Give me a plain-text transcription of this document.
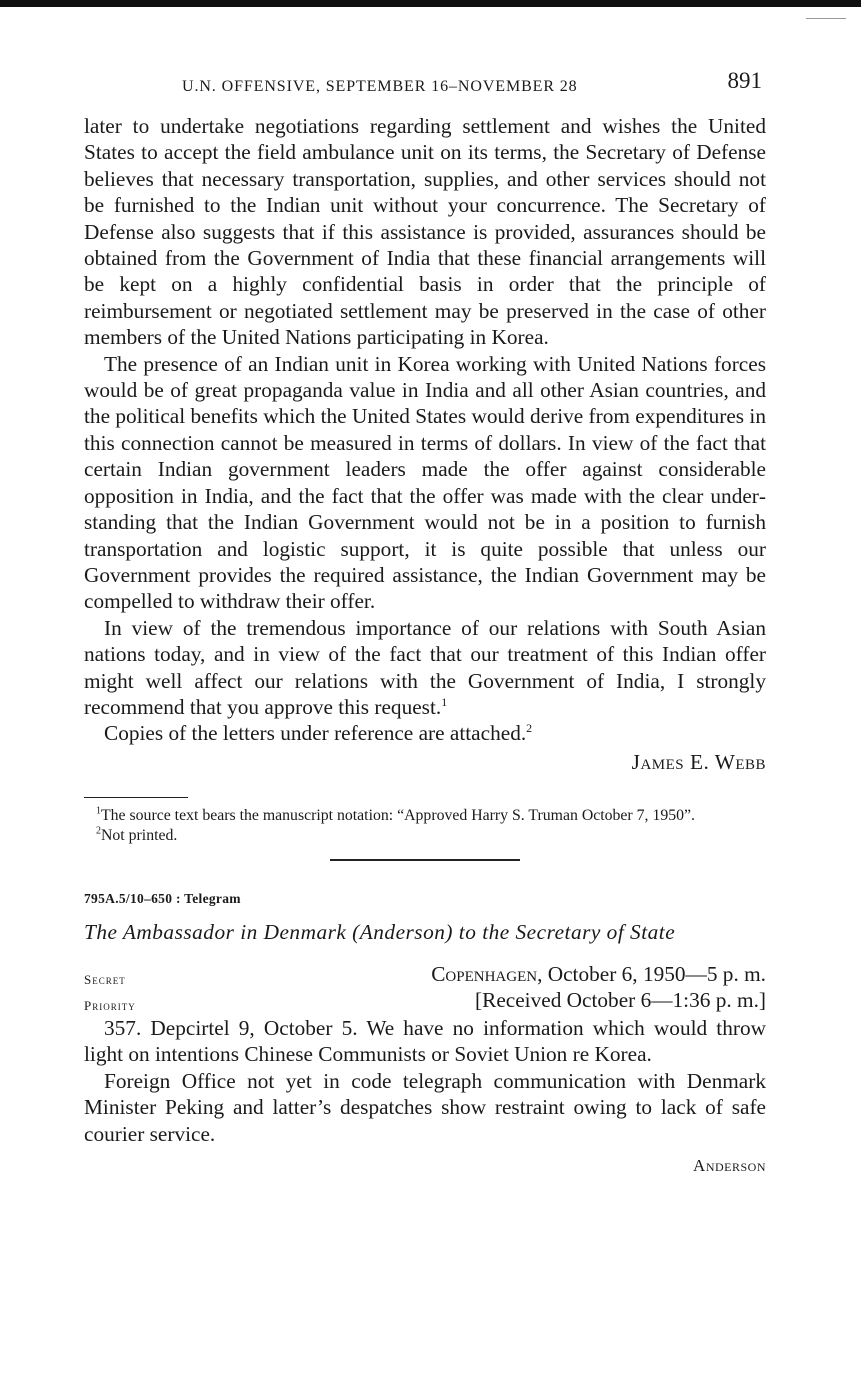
U.N. OFFENSIVE, SEPTEMBER 16–NOVEMBER 28	891

later to undertake negotiations regarding settlement and wishes the United States to accept the field ambulance unit on its terms, the Secretary of Defense believes that necessary transportation, supplies, and other services should not be furnished to the Indian unit without your concurrence. The Secretary of Defense also suggests that if this assistance is provided, assurances should be obtained from the Government of India that these financial arrangements will be kept on a highly confidential basis in order that the principle of reimbursement or negotiated settlement may be preserved in the case of other members of the United Nations participating in Korea.

The presence of an Indian unit in Korea working with United Nations forces would be of great propaganda value in India and all other Asian countries, and the political benefits which the United States would derive from expenditures in this connection cannot be measured in terms of dollars. In view of the fact that certain Indian government leaders made the offer against considerable opposition in India, and the fact that the offer was made with the clear understanding that the Indian Government would not be in a position to furnish transportation and logistic support, it is quite possible that unless our Government provides the required assistance, the Indian Government may be compelled to withdraw their offer.

In view of the tremendous importance of our relations with South Asian nations today, and in view of the fact that our treatment of this Indian offer might well affect our relations with the Government of India, I strongly recommend that you approve this request.$^1$

Copies of the letters under reference are attached.$^2$

James E. Webb

$^1$The source text bears the manuscript notation: “Approved Harry S. Truman October 7, 1950”.

$^2$Not printed.

795A.5/10–650 : Telegram
The Ambassador in Denmark (Anderson) to the Secretary of State
Secret	Copenhagen, October 6, 1950—5 p. m.
Priority	[Received October 6—1:36 p. m.]

357. Depcirtel 9, October 5. We have no information which would throw light on intentions Chinese Communists or Soviet Union re Korea.

Foreign Office not yet in code telegraph communication with Denmark Minister Peking and latter’s despatches show restraint owing to lack of safe courier service.

Anderson
